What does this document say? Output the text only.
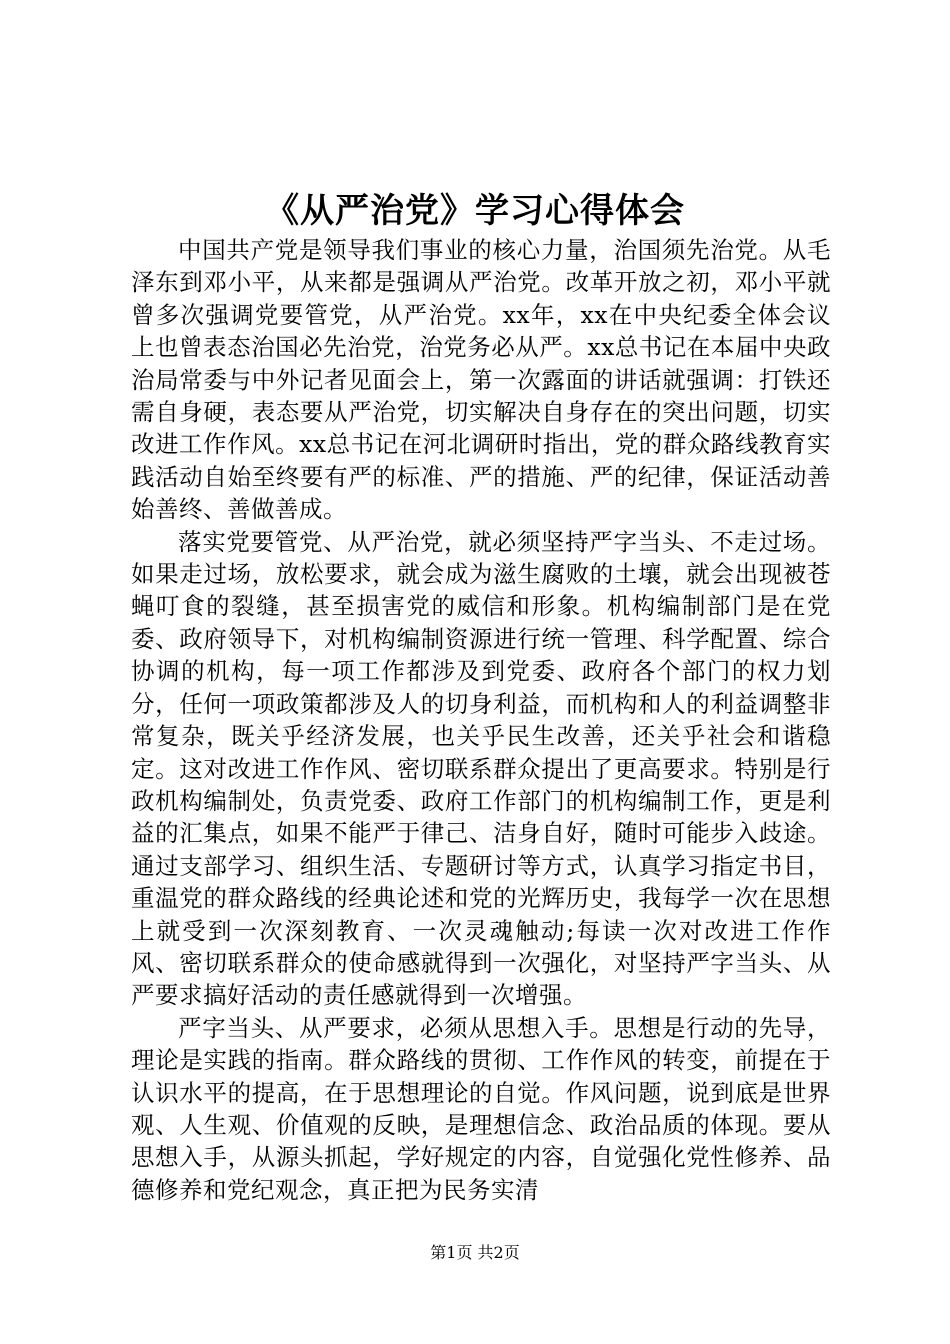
《从严治党》学习心得体会

中国共产党是领导我们事业的核心力量，治国须先治党。从毛泽东到邓小平，从来都是强调从严治党。改革开放之初，邓小平就曾多次强调党要管党，从严治党。xx年，xx在中央纪委全体会议上也曾表态治国必先治党，治党务必从严。xx总书记在本届中央政治局常委与中外记者见面会上，第一次露面的讲话就强调：打铁还需自身硬，表态要从严治党，切实解决自身存在的突出问题，切实改进工作作风。xx总书记在河北调研时指出，党的群众路线教育实践活动自始至终要有严的标准、严的措施、严的纪律，保证活动善始善终、善做善成。

落实党要管党、从严治党，就必须坚持严字当头、不走过场。如果走过场，放松要求，就会成为滋生腐败的土壤，就会出现被苍蝇叮食的裂缝，甚至损害党的威信和形象。机构编制部门是在党委、政府领导下，对机构编制资源进行统一管理、科学配置、综合协调的机构，每一项工作都涉及到党委、政府各个部门的权力划分，任何一项政策都涉及人的切身利益，而机构和人的利益调整非常复杂，既关乎经济发展，也关乎民生改善，还关乎社会和谐稳定。这对改进工作作风、密切联系群众提出了更高要求。特别是行政机构编制处，负责党委、政府工作部门的机构编制工作，更是利益的汇集点，如果不能严于律己、洁身自好，随时可能步入歧途。通过支部学习、组织生活、专题研讨等方式，认真学习指定书目，重温党的群众路线的经典论述和党的光辉历史，我每学一次在思想上就受到一次深刻教育、一次灵魂触动;每读一次对改进工作作风、密切联系群众的使命感就得到一次强化，对坚持严字当头、从严要求搞好活动的责任感就得到一次增强。

严字当头、从严要求，必须从思想入手。思想是行动的先导，理论是实践的指南。群众路线的贯彻、工作作风的转变，前提在于认识水平的提高，在于思想理论的自觉。作风问题，说到底是世界观、人生观、价值观的反映，是理想信念、政治品质的体现。要从思想入手，从源头抓起，学好规定的内容，自觉强化党性修养、品德修养和党纪观念，真正把为民务实清

第1页 共2页
